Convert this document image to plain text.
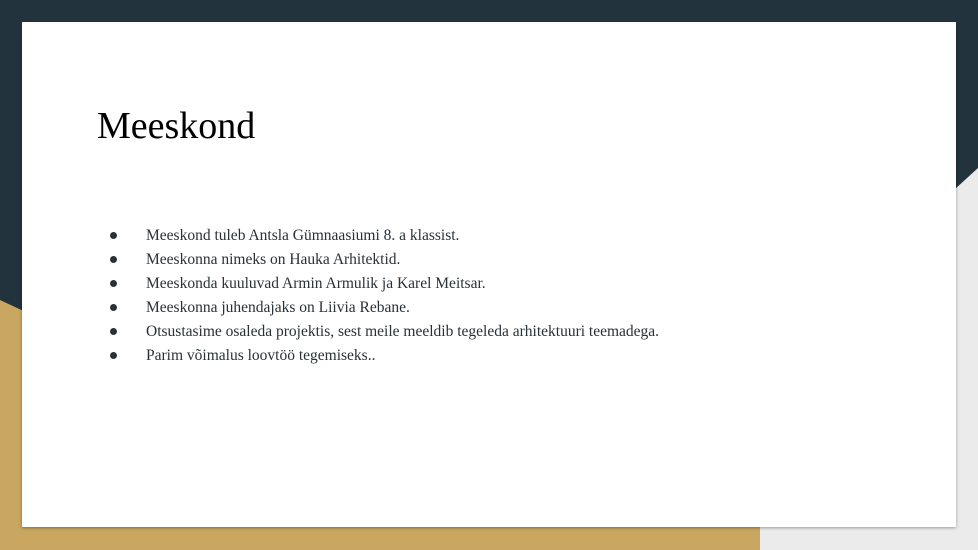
Meeskond
Meeskond tuleb Antsla Gümnaasiumi 8. a klassist.
Meeskonna nimeks on Hauka Arhitektid.
Meeskonda kuuluvad Armin Armulik ja Karel Meitsar.
Meeskonna juhendajaks on Liivia Rebane.
Otsustasime osaleda projektis, sest meile meeldib tegeleda arhitektuuri teemadega.
Parim võimalus loovtöö tegemiseks..
